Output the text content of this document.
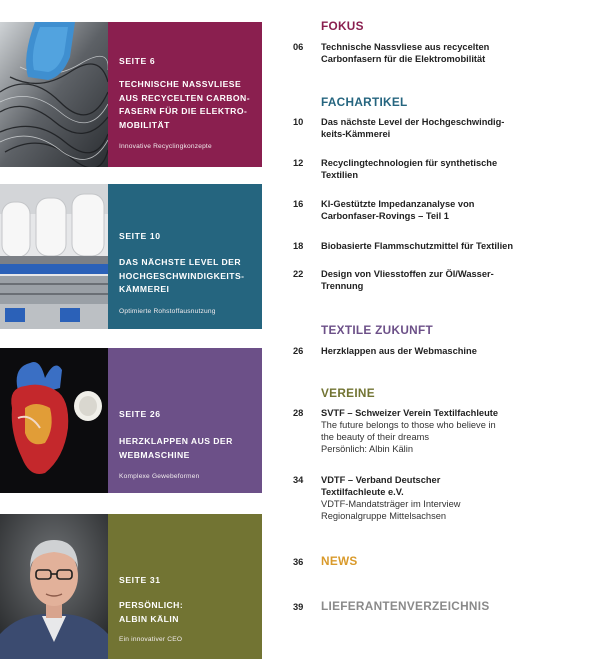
SEITE 6
TECHNISCHE NASSVLIESE
AUS RECYCELTEN CARBON-
FASERN FÜR DIE ELEKTRO-
MOBILITÄT
Innovative Recyclingkonzepte
SEITE 10
DAS NÄCHSTE LEVEL DER
HOCHGESCHWINDIGKEITS-
KÄMMEREI
Optimierte Rohstoffausnutzung
SEITE 26
HERZKLAPPEN AUS DER
WEBMASCHINE
Komplexe Gewebeformen
SEITE 31
PERSÖNLICH:
ALBIN KÄLIN
Ein innovativer CEO
FOKUS
06	Technische Nassvliese aus recycelten
Carbonfasern für die Elektromobilität
FACHARTIKEL
10	Das nächste Level der Hochgeschwindig-
keits-Kämmerei
12	Recyclingtechnologien für synthetische
Textilien
16	KI-Gestützte Impedanzanalyse von
Carbonfaser-Rovings – Teil 1
18	Biobasierte Flammschutzmittel für Textilien
22	Design von Vliesstoffen zur Öl/Wasser-
Trennung
TEXTILE ZUKUNFT
26	Herzklappen aus der Webmaschine
VEREINE
28	SVTF – Schweizer Verein Textilfachleute
The future belongs to those who believe in
the beauty of their dreams
Persönlich: Albin Kälin
34	VDTF – Verband Deutscher
Textilfachleute e.V.
VDTF-Mandatsträger im Interview
Regionalgruppe Mittelsachsen
36	NEWS
39	LIEFERANTENVERZEICHNIS
